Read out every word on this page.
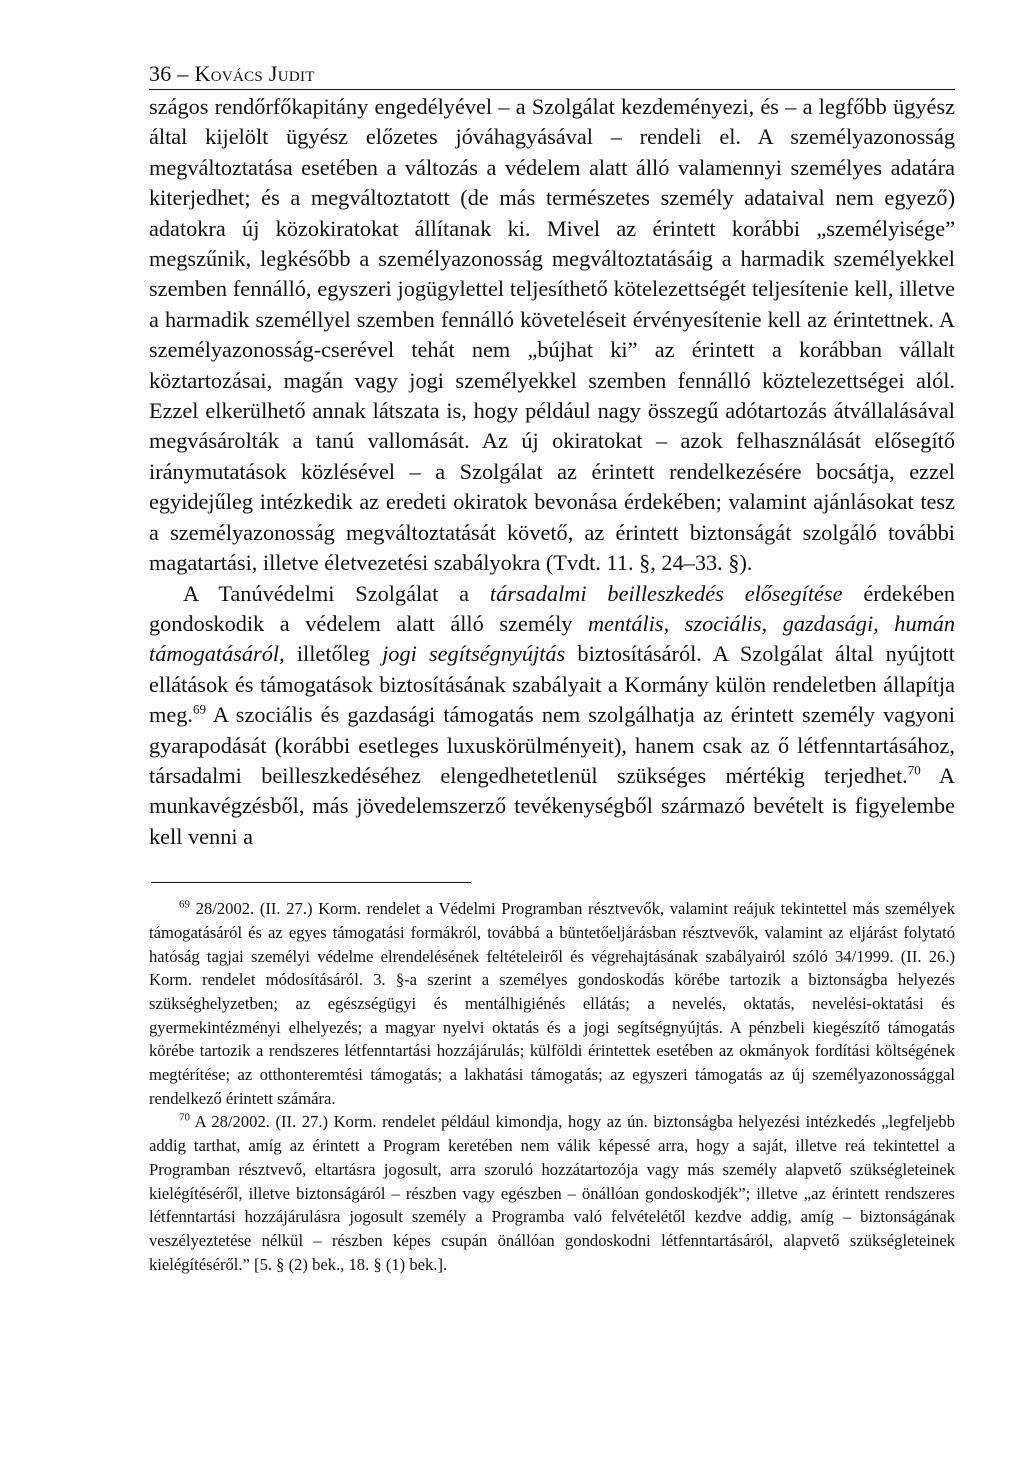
36 – Kovács Judit

szágos rendőrfőkapitány engedélyével – a Szolgálat kezdeményezi, és – a legfőbb ügyész által kijelölt ügyész előzetes jóváhagyásával – rendeli el. A személyazonosság megváltoztatása esetében a változás a védelem alatt álló valamennyi személyes adatára kiterjedhet; és a megváltoztatott (de más természetes személy adataival nem egyező) adatokra új közokiratokat állítanak ki. Mivel az érintett korábbi „személyisége” megszűnik, legkésőbb a személyazonosság megváltoztatásáig a harmadik személyekkel szemben fennálló, egyszeri jogügylettel teljesíthető kötelezettségét teljesítenie kell, illetve a harmadik személlyel szemben fennálló követeléseit érvényesítenie kell az érintettnek. A személyazonosság-cserével tehát nem „bújhat ki” az érintett a korábban vállalt köztartozásai, magán vagy jogi személyekkel szemben fennálló köztelezettségei alól. Ezzel elkerülhető annak látszata is, hogy például nagy összegű adótartozás átvállalásával megvásárolták a tanú vallomását. Az új okiratokat – azok felhasználását elősegítő iránymutatások közlésével – a Szolgálat az érintett rendelkezésére bocsátja, ezzel egyidejűleg intézkedik az eredeti okiratok bevonása érdekében; valamint ajánlásokat tesz a személyazonosság megváltoztatását követő, az érintett biztonságát szolgáló további magatartási, illetve életvezetési szabályokra (Tvdt. 11. §, 24–33. §).

A Tanúvédelmi Szolgálat a társadalmi beilleszkedés elősegítése érdekében gondoskodik a védelem alatt álló személy mentális, szociális, gazdasági, humán támogatásáról, illetőleg jogi segítségnyújtás biztosításáról. A Szolgálat által nyújtott ellátások és támogatások biztosításának szabályait a Kormány külön rendeletben állapítja meg.$^{69}$ A szociális és gazdasági támogatás nem szolgálhatja az érintett személy vagyoni gyarapodását (korábbi esetleges luxuskörülményeit), hanem csak az ő létfenntartásához, társadalmi beilleszkedéséhez elengedhetetlenül szükséges mértékig terjedhet.$^{70}$ A munkavégzésből, más jövedelemszerző tevékenységből származó bevételt is figyelembe kell venni a

$^{69}$ 28/2002. (II. 27.) Korm. rendelet a Védelmi Programban résztvevők, valamint reájuk tekintettel más személyek támogatásáról és az egyes támogatási formákról, továbbá a büntetőeljárásban résztvevők, valamint az eljárást folytató hatóság tagjai személyi védelme elrendelésének feltételeiről és végrehajtásának szabályairól szóló 34/1999. (II. 26.) Korm. rendelet módosításáról. 3. §-a szerint a személyes gondoskodás körébe tartozik a biztonságba helyezés szükséghelyzetben; az egészségügyi és mentálhigiénés ellátás; a nevelés, oktatás, nevelési-oktatási és gyermekintézményi elhelyezés; a magyar nyelvi oktatás és a jogi segítségnyújtás. A pénzbeli kiegészítő támogatás körébe tartozik a rendszeres létfenntartási hozzájárulás; külföldi érintettek esetében az okmányok fordítási költségének megtérítése; az otthonteremtési támogatás; a lakhatási támogatás; az egyszeri támogatás az új személyazonossággal rendelkező érintett számára.

$^{70}$ A 28/2002. (II. 27.) Korm. rendelet például kimondja, hogy az ún. biztonságba helyezési intézkedés „legfeljebb addig tarthat, amíg az érintett a Program keretében nem válik képessé arra, hogy a saját, illetve reá tekintettel a Programban résztvevő, eltartásra jogosult, arra szoruló hozzátartozója vagy más személy alapvető szükségleteinek kielégítéséről, illetve biztonságáról – részben vagy egészben – önállóan gondoskodjék”; illetve „az érintett rendszeres létfenntartási hozzájárulásra jogosult személy a Programba való felvételétől kezdve addig, amíg – biztonságának veszélyeztetése nélkül – részben képes csupán önállóan gondoskodni létfenntartásáról, alapvető szükségleteinek kielégítéséről.” [5. § (2) bek., 18. § (1) bek.].
